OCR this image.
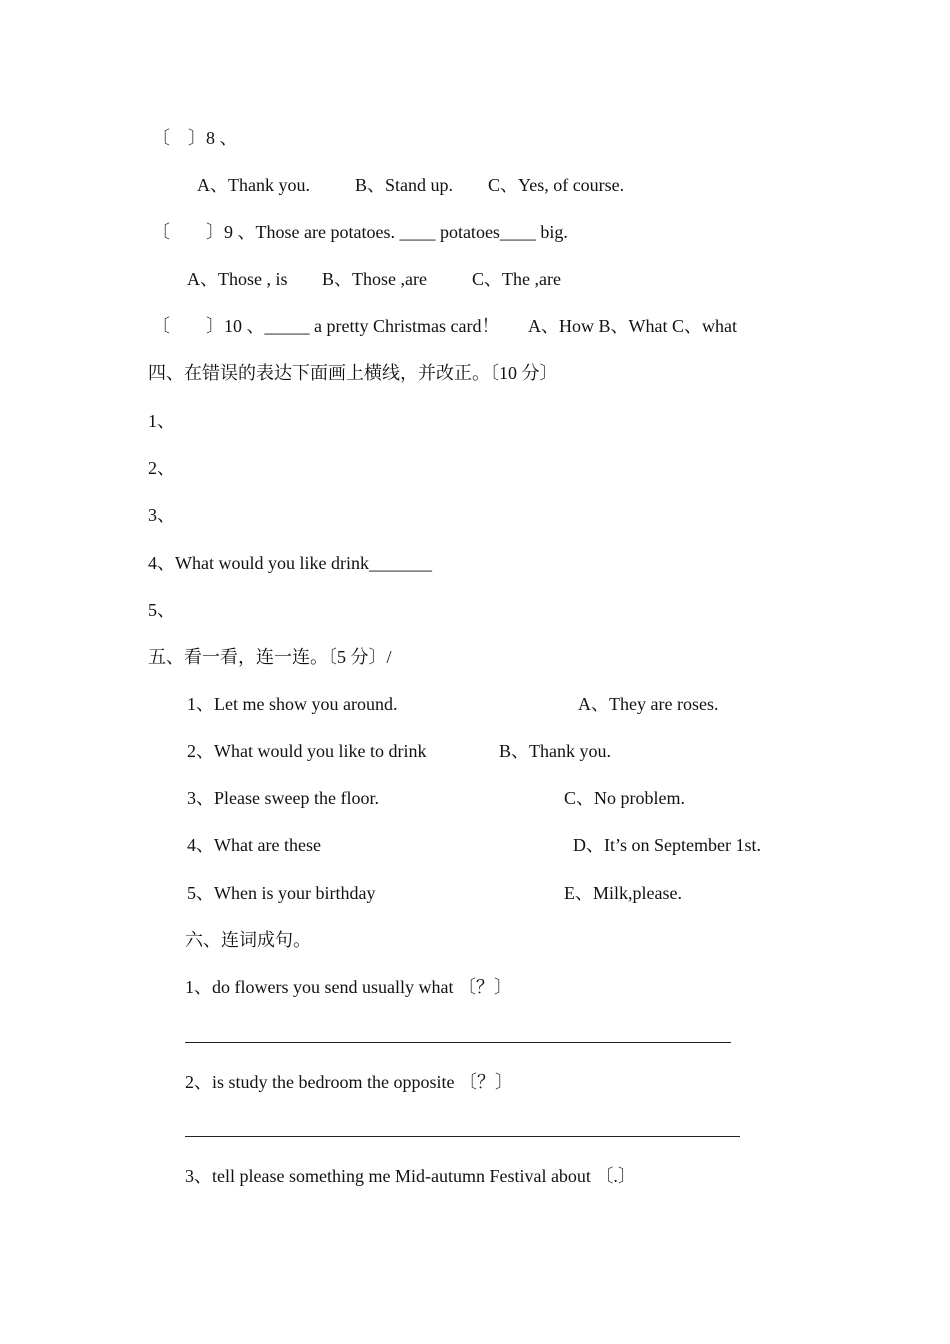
〔　〕8 、
A、Thank you.	B、Stand up. C、Yes, of course.
〔　　〕9 、Those are potatoes. ____ potatoes____ big.
A、Those , is B、Those ,are	C、The ,are
〔　　〕10 、_____ a pretty Christmas card！ A、How B、What C、what
四、在错误的表达下面画上横线，并改正。〔10 分〕
1、
2、
3、
4、What would you like drink_______
5、
五、看一看，连一连。〔5 分〕/
1、Let me show you around.	A、They are roses.
2、What would you like to drink	B、Thank you.
3、Please sweep the floor.	C、No problem.
4、What are these	D、It’s on September 1st.
5、When is your birthday	E、Milk,please.
六、连词成句。
1、do flowers you send usually what 〔？〕
2、is study the bedroom the opposite 〔？〕
3、tell please something me Mid-autumn Festival about 〔.〕
